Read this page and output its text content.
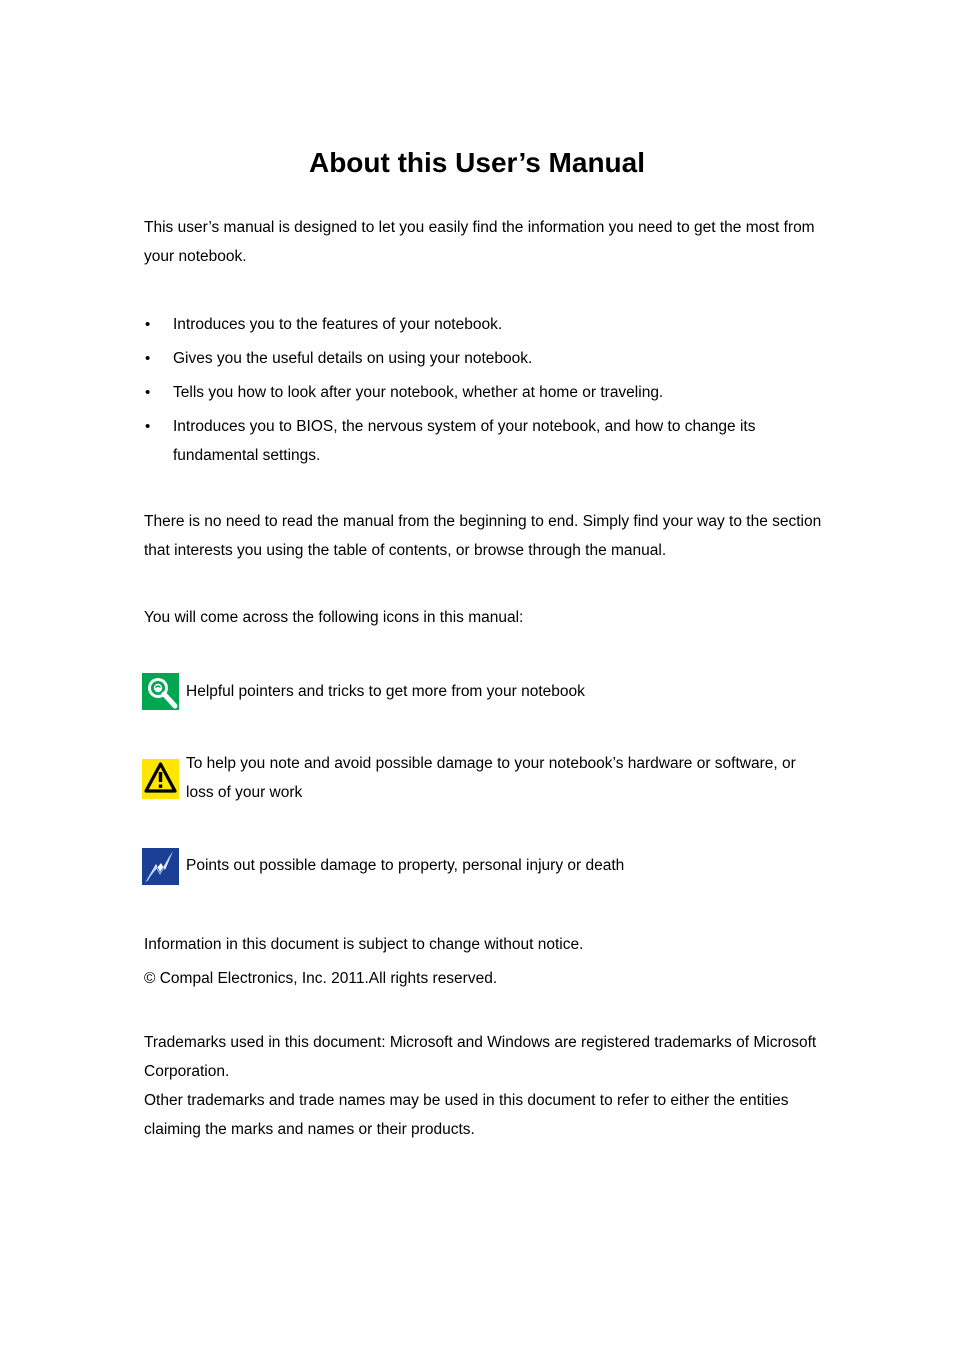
About this User’s Manual

This user’s manual is designed to let you easily find the information you need to get the most from your notebook.

• Introduces you to the features of your notebook.
• Gives you the useful details on using your notebook.
• Tells you how to look after your notebook, whether at home or traveling.
• Introduces you to BIOS, the nervous system of your notebook, and how to change its fundamental settings.

There is no need to read the manual from the beginning to end. Simply find your way to the section that interests you using the table of contents, or browse through the manual.

You will come across the following icons in this manual:

Helpful pointers and tricks to get more from your notebook
To help you note and avoid possible damage to your notebook’s hardware or software, or loss of your work
Points out possible damage to property, personal injury or death

Information in this document is subject to change without notice.

© Compal Electronics, Inc. 2011.All rights reserved.

Trademarks used in this document: Microsoft and Windows are registered trademarks of Microsoft Corporation.

Other trademarks and trade names may be used in this document to refer to either the entities claiming the marks and names or their products.
